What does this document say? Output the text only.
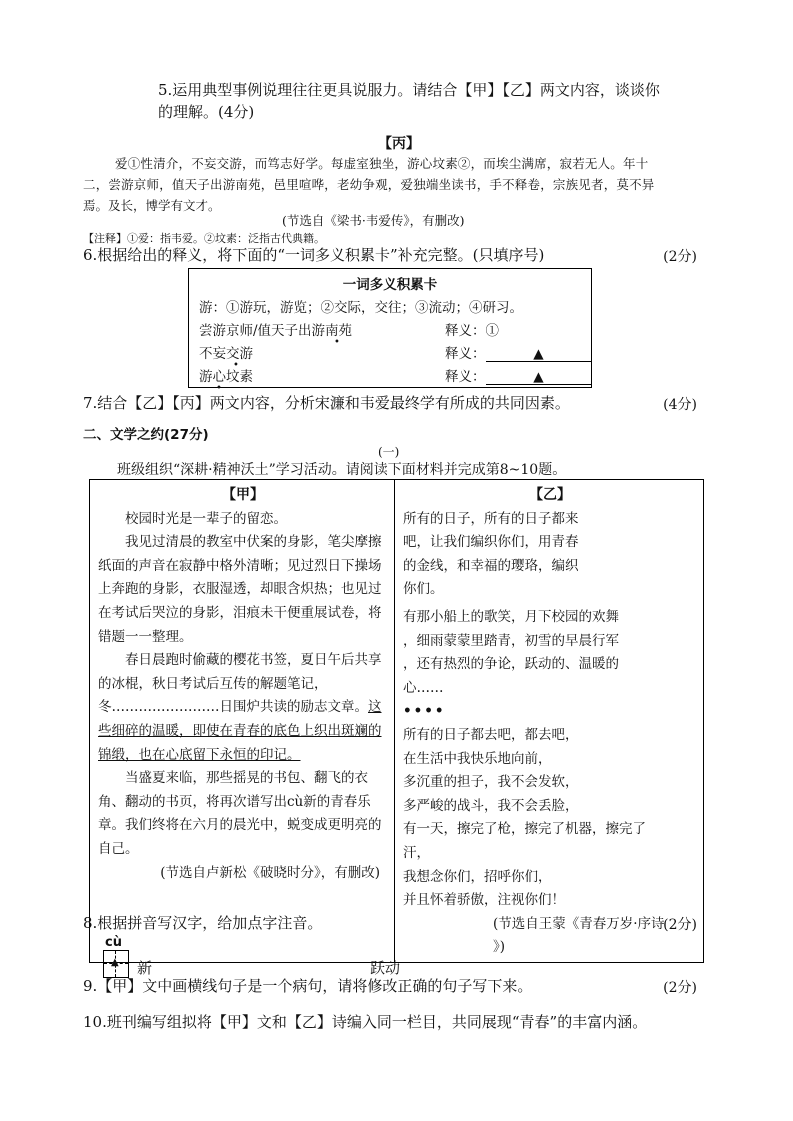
5.运用典型事例说理往往更具说服力。请结合【甲】【乙】两文内容，谈谈你
的理解。(4分)
【丙】
爱①性清介，不妄交游，而笃志好学。每虚室独坐，游心坟素②，而埃尘满席，寂若无人。年十
二，尝游京师，值天子出游南苑，邑里喧哗，老幼争观，爱独端坐读书，手不释卷，宗族见者，莫不异
焉。及长，博学有文才。
(节选自《梁书·韦爱传》，有删改)
【注释】①爱：指韦爱。②坟素：泛指古代典籍。
6.根据给出的释义，将下面的“一词多义积累卡”补充完整。(只填序号)	(2分)
一词多义积累卡
游：①游玩，游览；②交际，交往；③流动；④研习。
尝游京师/值天子出游南苑	释义：①
不妄交游	释义：	▲
游心坟素	释义：	▲
•
•
•
7.结合【乙】【丙】两文内容，分析宋濂和韦爱最终学有所成的共同因素。	(4分)
二、文学之约(27分)
(一)
班级组织“深耕·精神沃土”学习活动。请阅读下面材料并完成第8~10题。

【甲】

校园时光是一辈子的留恋。

我见过清晨的教室中伏案的身影，笔尖摩擦纸面的声音在寂静中格外清晰；见过烈日下操场上奔跑的身影，衣服湿透，却眼含炽热；也见过在考试后哭泣的身影，泪痕未干便重展试卷，将错题一一整理。

春日晨跑时偷藏的樱花书签，夏日午后共享的冰棍，秋日考试后互传的解题笔记，冬……………………日围炉共读的励志文章。这些细碎的温暖，即使在青春的底色上织出斑斓的锦缎，也在心底留下永恒的印记。

当盛夏来临，那些摇晃的书包、翻飞的衣角、翻动的书页，将再次谱写出cù新的青春乐章。我们终将在六月的晨光中，蜕变成更明亮的自己。

(节选自卢新松《破晓时分》，有删改)

【乙】

所有的日子，所有的日子都来

吧，让我们编织你们，用青春

的金线，和幸福的璎珞，编织

你们。

有那小船上的歌笑，月下校园的欢舞

，细雨蒙蒙里踏青，初雪的早晨行军

，还有热烈的争论，跃动的、温暖的

心……

••••

所有的日子都去吧，都去吧，

在生活中我快乐地向前，

多沉重的担子，我不会发软，

多严峻的战斗，我不会丢脸，

有一天，擦完了枪，擦完了机器，擦完了

汗，

我想念你们，招呼你们，

并且怀着骄傲，注视你们！

(节选自王蒙《青春万岁·序诗

》)

8.根据拼音写汉字，给加点字注音。	(2分)
cù
▲ 新	跃动
9.【甲】文中画横线句子是一个病句，请将修改正确的句子写下来。	(2分)
10.班刊编写组拟将【甲】文和【乙】诗编入同一栏目，共同展现“青春”的丰富内涵。
